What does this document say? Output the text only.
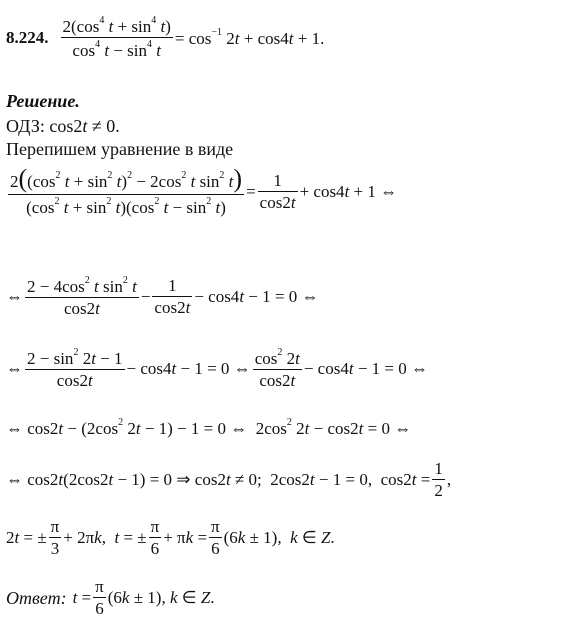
8.224. $\frac{2(\cos^4 t + \sin^4 t)}{\cos^4 t - \sin^4 t} = \cos^{-1} 2t + \cos 4t + 1$.
Решение.
ОДЗ: cos2t ≠ 0.
Перепишем уравнение в виде
$\frac{2((\cos^2 t + \sin^2 t)^2 - 2\cos^2 t \sin^2 t)}{(\cos^2 t + \sin^2 t)(\cos^2 t - \sin^2 t)} = \frac{1}{\cos 2t} + \cos 4t + 1$ ⇔
⇔ $\frac{2 - 4\cos^2 t \sin^2 t}{\cos 2t} - \frac{1}{\cos 2t} - \cos 4t - 1 = 0$ ⇔
⇔ $\frac{2 - \sin^2 2t - 1}{\cos 2t} - \cos 4t - 1 = 0$ ⇔ $\frac{\cos^2 2t}{\cos 2t} - \cos 4t - 1 = 0$ ⇔
⇔ $\cos 2t - (2\cos^2$ 2t − 1) − 1 = 0 ⇔  $2\cos^2$ 2t − cos2t = 0 ⇔
⇔ cos2t(2cos2t − 1) = 0 ⇒ cos2t ≠ 0;  2cos2t − 1 = 0,  $\cos 2t = \frac{1}{2}$ ,
2t = ± $\frac{\pi}{3} + 2\pi k$,  t = ± $\frac{\pi}{6} + \pi k = \frac{\pi}{6} (6k \pm 1)$,  k ∈ Z.
Ответ: $t = \frac{\pi}{6} (6k \pm 1)$, k ∈ Z.
